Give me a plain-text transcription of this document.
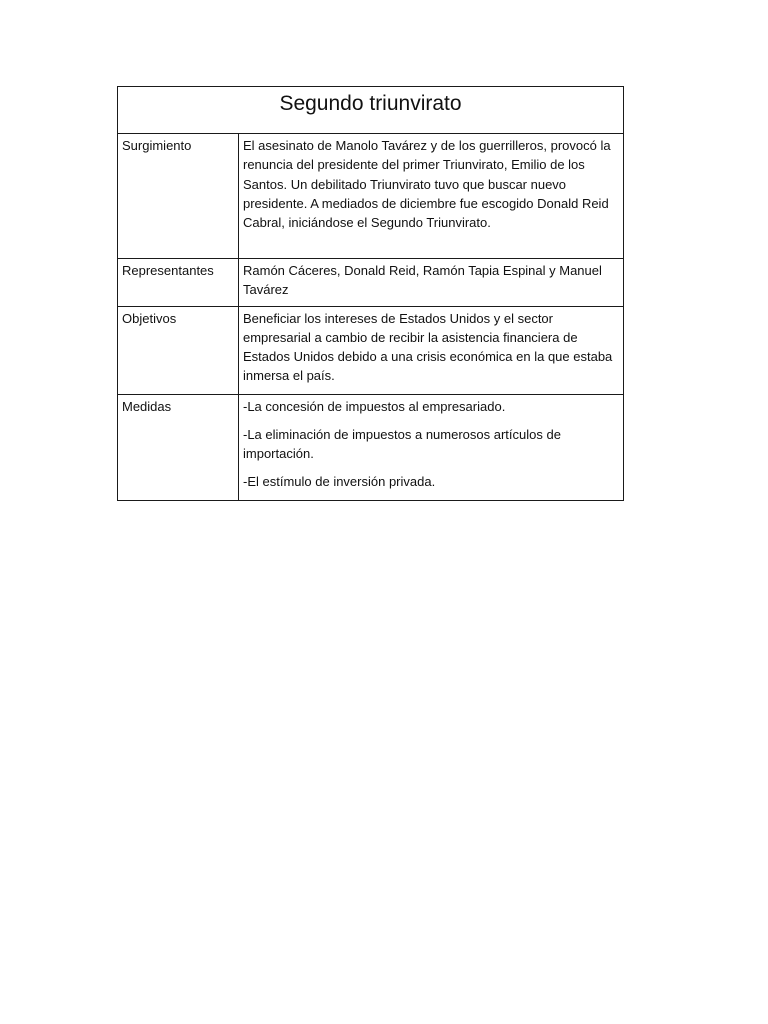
Segundo triunvirato	

Surgimiento	El asesinato de Manolo Tavárez y de los guerrilleros, provocó la renuncia del presidente del primer Triunvirato, Emilio de los Santos. Un debilitado Triunvirato tuvo que buscar nuevo presidente. A mediados de diciembre fue escogido Donald Reid Cabral, iniciándose el Segundo Triunvirato.

Representantes	Ramón Cáceres, Donald Reid, Ramón Tapia Espinal y Manuel Tavárez

Objetivos	Beneficiar los intereses de Estados Unidos y el sector empresarial a cambio de recibir la asistencia financiera de Estados Unidos debido a una crisis económica en la que estaba inmersa el país.

Medidas	-La concesión de impuestos al empresariado.
-La eliminación de impuestos a numerosos artículos de importación.
-El estímulo de inversión privada.
